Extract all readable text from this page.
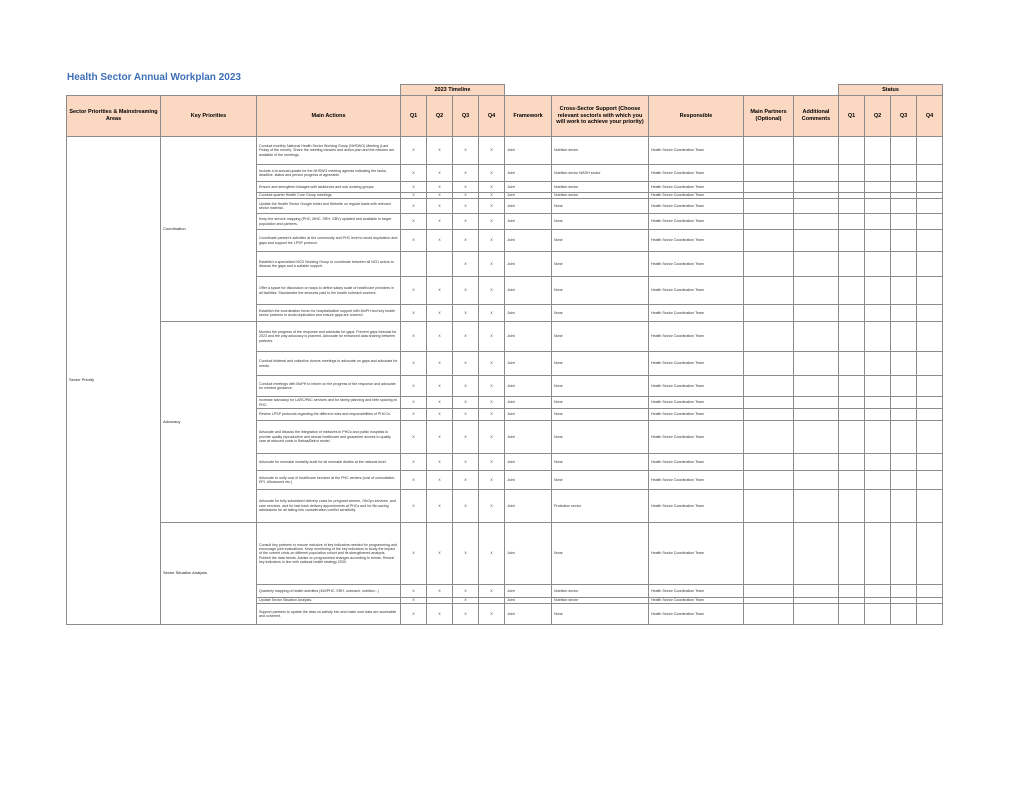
Health Sector Annual Workplan 2023
			2023 Timeline									Status			
Sector Priorities & Mainstreaming Areas	Key Priorities	Main Actions	Q1	Q2	Q3	Q4	Framework	Cross-Sector Support (Choose relevant sector/s with which you will work to achieve your priority)	Responsible	Main Partners (Optional)	Additional Comments	Q1	Q2	Q3	Q4
Sector Priority	Coordination	Conduct monthly National Health Sector Working Group (NHSWG) Meeting (Last Friday of the month). Share the meeting minutes and action plan and the minutes are available of the meetings.	X	X	X	X	Joint	Nutrition sector	Health Sector Coordination Team						
		Include a bi-annual update for the NHSWG meeting agenda indicating the tasks, deadline, status and person progress of agreeable.	X	X	X	X	Joint	Nutrition sector WASH sector	Health Sector Coordination Team						
		Ensure and strengthen linkages with taskforces and sub working groups.	X	X	X	X	Joint	Nutrition sector	Health Sector Coordination Team						
		Conduct quarter Health Core Group meetings	X	X	X	X	Joint	Nutrition sector	Health Sector Coordination Team						
		Update the Health Sector Google folder and Website on regular basis with relevant sector material.	X	X	X	X	Joint	None	Health Sector Coordination Team						
		Keep the service mapping (PHC, MHC, SRH, GBV) updated and available to target population and partners.	X	X	X	X	Joint	None	Health Sector Coordination Team						
		Coordinate partner's activities at the community and PHC level to avoid duplication and gaps and support the LPSP protocol.	X	X	X	X	Joint	None	Health Sector Coordination Team						
		Establish a specialized NCD Working Group to coordinate between all NCD actors to discuss the gaps and a suitable support.			X	X	Joint	None	Health Sector Coordination Team						
		Offer a space for discussion on ways to define salary scale of healthcare providers in all facilities. Standardize the amounts paid to the health outreach workers.	X	X	X	X	Joint	None	Health Sector Coordination Team						
		Establish the coordination forum for hospitalization support with MoPH and key health sector partners to avoid duplication and ensure gaps are covered.	X	X	X	X	Joint	None	Health Sector Coordination Team						
	Advocacy	Monitor the progress of the response and advocate for gaps. Prevent gaps forecast for 2023 and the way advocacy is planned. Advocate for enhanced data sharing between partners.	X	X	X	X	Joint	None	Health Sector Coordination Team						
		Conduct bilateral and collective donors meetings to advocate on gaps and advocate for needs.	X	X	X	X	Joint	None	Health Sector Coordination Team						
		Conduct meetings with MoPH to inform on the progress of the response and advocate for needed guidance.	X	X	X	X	Joint	None	Health Sector Coordination Team						
		Increase advocacy for LARC/PAC services and for family planning and birth spacing at PHC.	X	X	X	X	Joint	None	Health Sector Coordination Team						
		Review LPSP protocols regarding the different roles and responsibilities of PHCCs.	X	X	X	X	Joint	None	Health Sector Coordination Team						
		Advocate and discuss the integration of midwives in PHCs and public hospitals to provide quality reproductive and sexual healthcare and guarantee access to quality care at reduced costs in Bekaa/Beirut model.	X	X	X	X	Joint	None	Health Sector Coordination Team						
		Advocate for neonatal mortality audit for all neonatal deaths at the national level.	X	X	X	X	Joint	None	Health Sector Coordination Team						
		Advocate to unify cost of healthcare services at the PHC centers (cost of consultation, EPI, Ultrasound etc.)	X	X	X	X	Joint	None	Health Sector Coordination Team						
		Advocate for fully subsidized delivery costs for pregnant women, ObGyn services, and care services, and for fast track delivery appointments at PHCs and for life-saving admissions for all taking into consideration conflict sensitivity.	X	X	X	X	Joint	Protection sector	Health Sector Coordination Team						
	Sector Situation Analysis	Consult key partners to ensure inclusive of key indicators needed for programming and encourage joint evaluations. Keep monitoring of the key indicators to study the impact of the current crisis on different population cohort and its strengthened analysis. Publish the data trends. Advise on programmed changes according to trends. Reveal key indicators in line with national health strategy 2030.	X	X	X	X	Joint	None	Health Sector Coordination Team						
		Quarterly mapping of health activities (4W/PHC, SRH, outreach, nutrition...)	X	X	X	X	Joint	Nutrition sector	Health Sector Coordination Team						
		Update Sector Situation Analysis.	X		X		Joint	Nutrition sector	Health Sector Coordination Team						
		Support partners to update the data on activity info and make sure data are accessible and coherent.	X	X	X	X	Joint	None	Health Sector Coordination Team						
